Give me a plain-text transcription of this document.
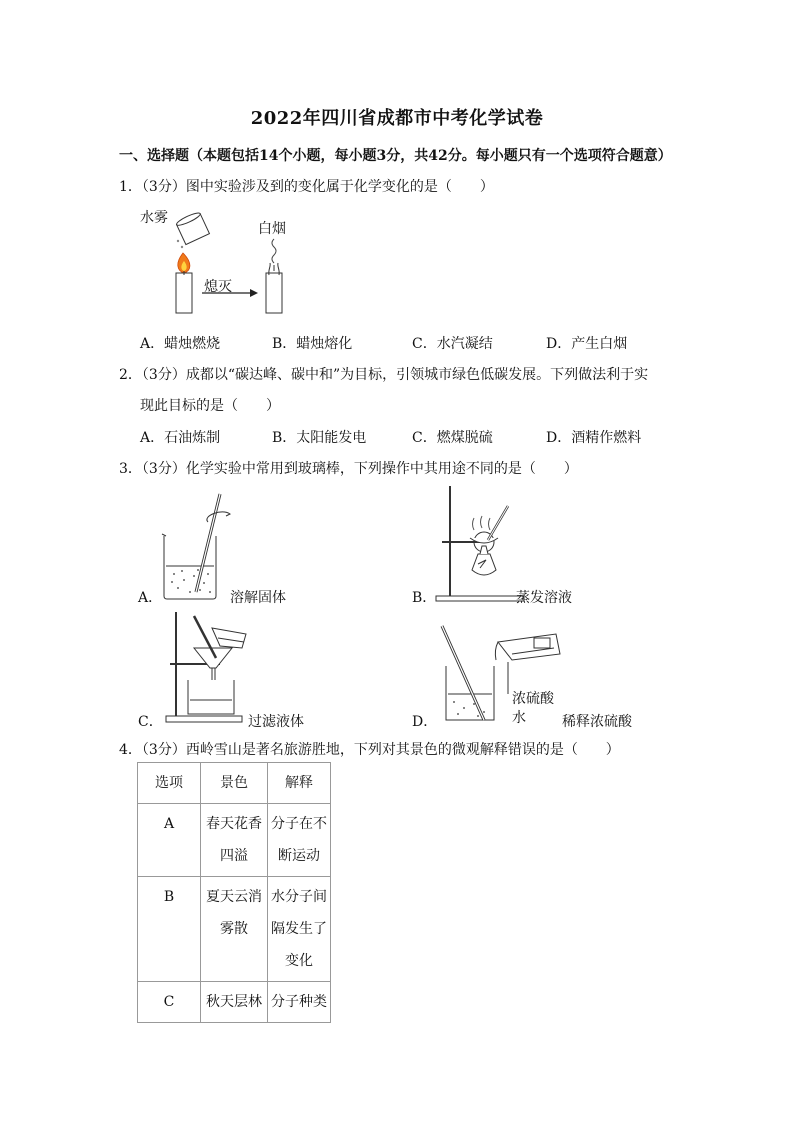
2022年四川省成都市中考化学试卷
一、选择题（本题包括14个小题，每小题3分，共42分。每小题只有一个选项符合题意）
1．（3分）图中实验涉及到的变化属于化学变化的是（　　）
水雾
白烟
熄灭
A．蜡烛燃烧	B．蜡烛熔化	C．水汽凝结	D．产生白烟
2．（3分）成都以“碳达峰、碳中和”为目标，引领城市绿色低碳发展。下列做法利于实
现此目标的是（　　）
A．石油炼制	B．太阳能发电	C．燃煤脱硫	D．酒精作燃料
3．（3分）化学实验中常用到玻璃棒，下列操作中其用途不同的是（　　）
A．	溶解固体	B．	蒸发溶液
C．	过滤液体	D．
浓硫酸
水	稀释浓硫酸
4．（3分）西岭雪山是著名旅游胜地，下列对其景色的微观解释错误的是（　　）
选项	景色	解释
A	春天花香四溢	分子在不断运动

B	夏天云消雾散	水分子间隔发生了变化

C	秋天层林	分子种类
